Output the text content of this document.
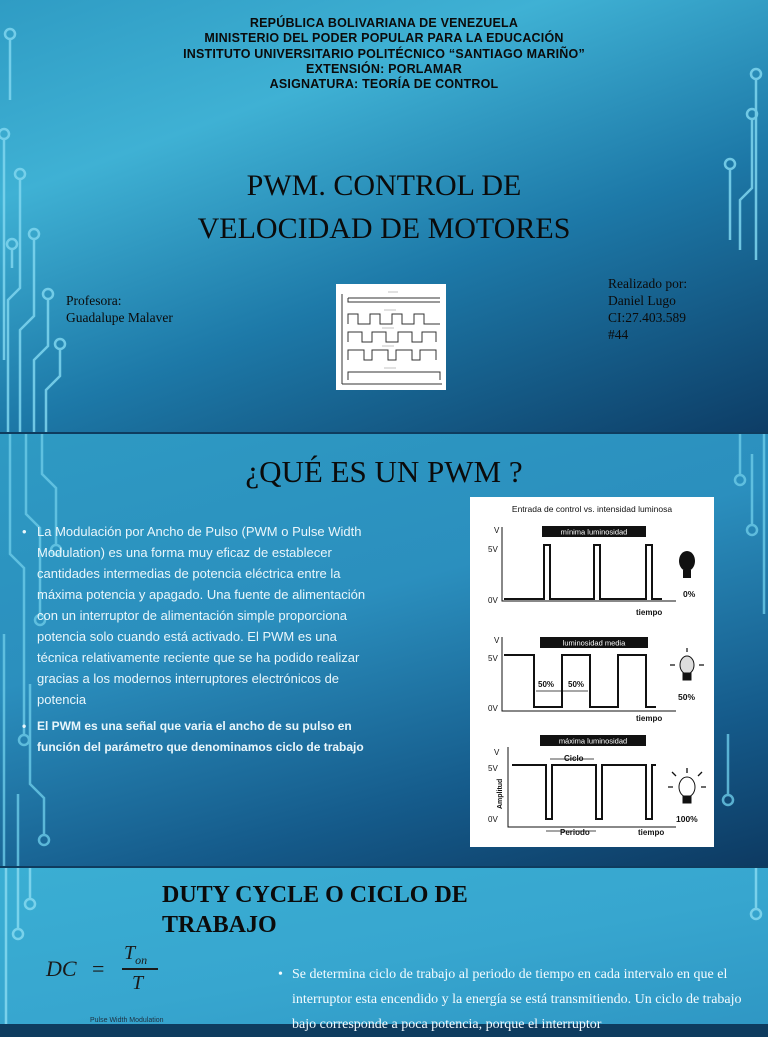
REPÚBLICA BOLIVARIANA DE VENEZUELA
MINISTERIO DEL PODER POPULAR PARA LA EDUCACIÓN
INSTITUTO UNIVERSITARIO POLITÉCNICO “SANTIAGO MARIÑO”
EXTENSIÓN: PORLAMAR
ASIGNATURA: TEORÍA DE CONTROL
PWM. CONTROL DE
VELOCIDAD DE MOTORES
Profesora:
Guadalupe Malaver
Realizado por:
Daniel Lugo
CI:27.403.589
#44
¿QUÉ ES UN PWM ?
• La Modulación por Ancho de Pulso (PWM o Pulse Width Modulation) es una forma muy eficaz de establecer cantidades intermedias de potencia eléctrica entre la máxima potencia y apagado. Una fuente de alimentación con un interruptor de alimentación simple proporciona potencia solo cuando está activado. El PWM es una técnica relativamente reciente que se ha podido realizar gracias a los modernos interruptores electrónicos de potencia
• El PWM es una señal que varia el ancho de su pulso en función del parámetro que denominamos ciclo de trabajo
Entrada de control vs. intensidad luminosa
V
5V
0V
tiempo
mínima luminosidad
0%
V
5V
0V
tiempo
50% 50%
luminosidad media
50%
V
5V
0V
tiempo
Ciclo
Periodo
Amplitud
máxima luminosidad
100%
DUTY CYCLE O CICLO DE TRABAJO
DC =
$T_{on}$
T
Pulse Width Modulation
• Se determina ciclo de trabajo al periodo de tiempo en cada intervalo en que el interruptor esta encendido y la energía se está transmitiendo. Un ciclo de trabajo bajo corresponde a poca potencia, porque el interruptor
